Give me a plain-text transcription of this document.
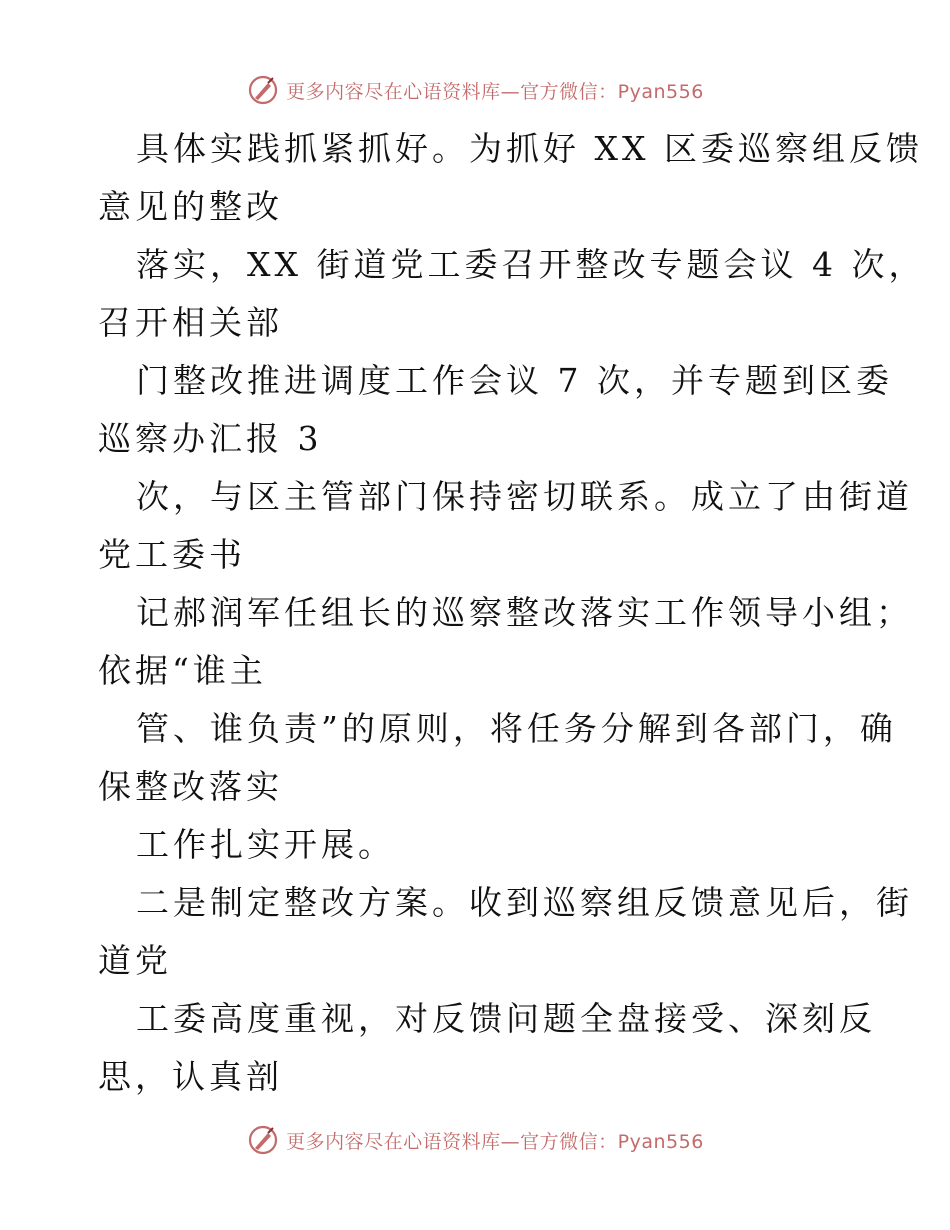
更多内容尽在心语资料库—官方微信：Pyan556
具体实践抓紧抓好。为抓好 XX 区委巡察组反馈
意见的整改
落实，XX 街道党工委召开整改专题会议 4 次，
召开相关部
门整改推进调度工作会议 7 次，并专题到区委
巡察办汇报 3
次，与区主管部门保持密切联系。成立了由街道
党工委书
记郝润军任组长的巡察整改落实工作领导小组；
依据“谁主
管、谁负责”的原则，将任务分解到各部门，确
保整改落实
工作扎实开展。
二是制定整改方案。收到巡察组反馈意见后，街
道党
工委高度重视，对反馈问题全盘接受、深刻反
思，认真剖
更多内容尽在心语资料库—官方微信：Pyan556
